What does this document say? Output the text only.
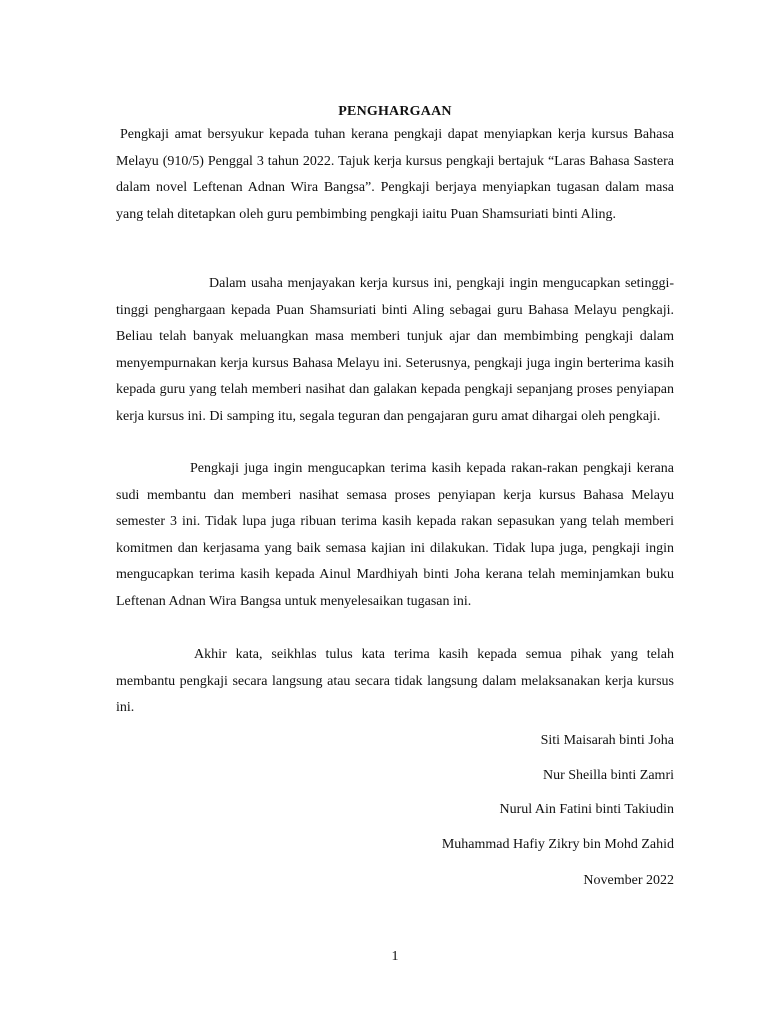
PENGHARGAAN

Pengkaji amat bersyukur kepada tuhan kerana pengkaji dapat menyiapkan kerja kursus Bahasa Melayu (910/5) Penggal 3 tahun 2022. Tajuk kerja kursus pengkaji bertajuk “Laras Bahasa Sastera dalam novel Leftenan Adnan Wira Bangsa”. Pengkaji berjaya menyiapkan tugasan dalam masa yang telah ditetapkan oleh guru pembimbing pengkaji iaitu Puan Shamsuriati binti Aling.

Dalam usaha menjayakan kerja kursus ini, pengkaji ingin mengucapkan setinggi-tinggi penghargaan kepada Puan Shamsuriati binti Aling sebagai guru Bahasa Melayu pengkaji. Beliau telah banyak meluangkan masa memberi tunjuk ajar dan membimbing pengkaji dalam menyempurnakan kerja kursus Bahasa Melayu ini. Seterusnya, pengkaji juga ingin berterima kasih kepada guru yang telah memberi nasihat dan galakan kepada pengkaji sepanjang proses penyiapan kerja kursus ini. Di samping itu, segala teguran dan pengajaran guru amat dihargai oleh pengkaji.

Pengkaji juga ingin mengucapkan terima kasih kepada rakan-rakan pengkaji kerana sudi membantu dan memberi nasihat semasa proses penyiapan kerja kursus Bahasa Melayu semester 3 ini. Tidak lupa juga ribuan terima kasih kepada rakan sepasukan yang telah memberi komitmen dan kerjasama yang baik semasa kajian ini dilakukan. Tidak lupa juga, pengkaji ingin mengucapkan terima kasih kepada Ainul Mardhiyah binti Joha kerana telah meminjamkan buku Leftenan Adnan Wira Bangsa untuk menyelesaikan tugasan ini.

Akhir kata, seikhlas tulus kata terima kasih kepada semua pihak yang telah membantu pengkaji secara langsung atau secara tidak langsung dalam melaksanakan kerja kursus ini.

Siti Maisarah binti Joha
Nur Sheilla binti Zamri
Nurul Ain Fatini binti Takiudin
Muhammad Hafiy Zikry bin Mohd Zahid
November 2022
1
